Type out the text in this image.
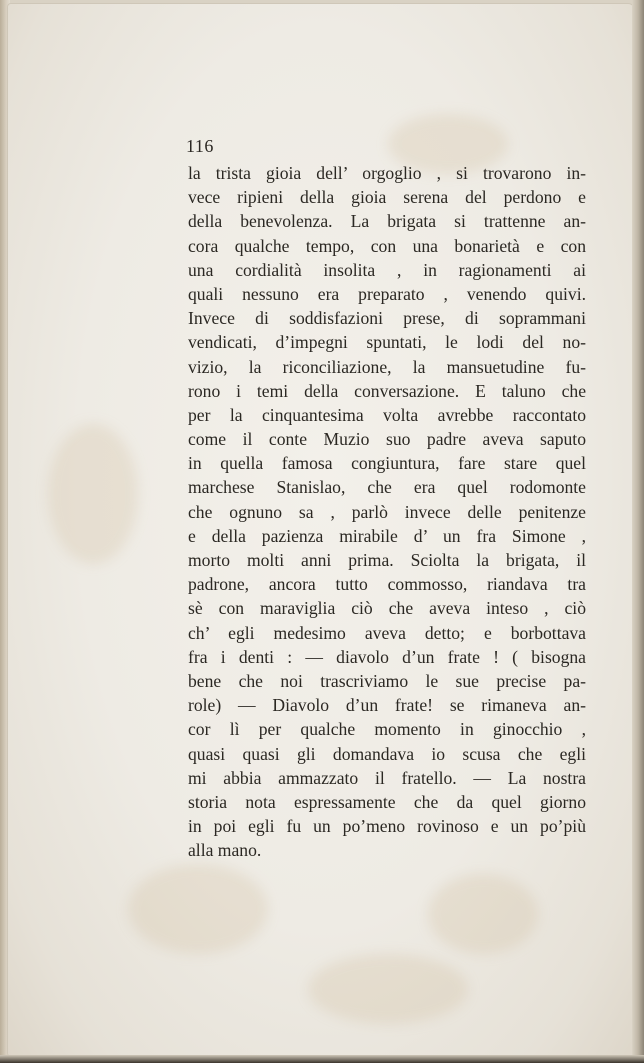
116
la trista gioia dell’ orgoglio , si trovarono in-
vece ripieni della gioia serena del perdono e
della benevolenza. La brigata si trattenne an-
cora qualche tempo, con una bonarietà e con
una cordialità insolita , in ragionamenti ai
quali nessuno era preparato , venendo quivi.
Invece di soddisfazioni prese, di soprammani
vendicati, d’impegni spuntati, le lodi del no-
vizio, la riconciliazione, la mansuetudine fu-
rono i temi della conversazione. E taluno che
per la cinquantesima volta avrebbe raccontato
come il conte Muzio suo padre aveva saputo
in quella famosa congiuntura, fare stare quel
marchese Stanislao, che era quel rodomonte
che ognuno sa , parlò invece delle penitenze
e della pazienza mirabile d’ un fra Simone ,
morto molti anni prima. Sciolta la brigata, il
padrone, ancora tutto commosso, riandava tra
sè con maraviglia ciò che aveva inteso , ciò
ch’ egli medesimo aveva detto; e borbottava
fra i denti : — diavolo d’un frate ! ( bisogna
bene che noi trascriviamo le sue precise pa-
role) — Diavolo d’un frate! se rimaneva an-
cor lì per qualche momento in ginocchio ,
quasi quasi gli domandava io scusa che egli
mi abbia ammazzato il fratello. — La nostra
storia nota espressamente che da quel giorno
in poi egli fu un po’meno rovinoso e un po’più
alla mano.
